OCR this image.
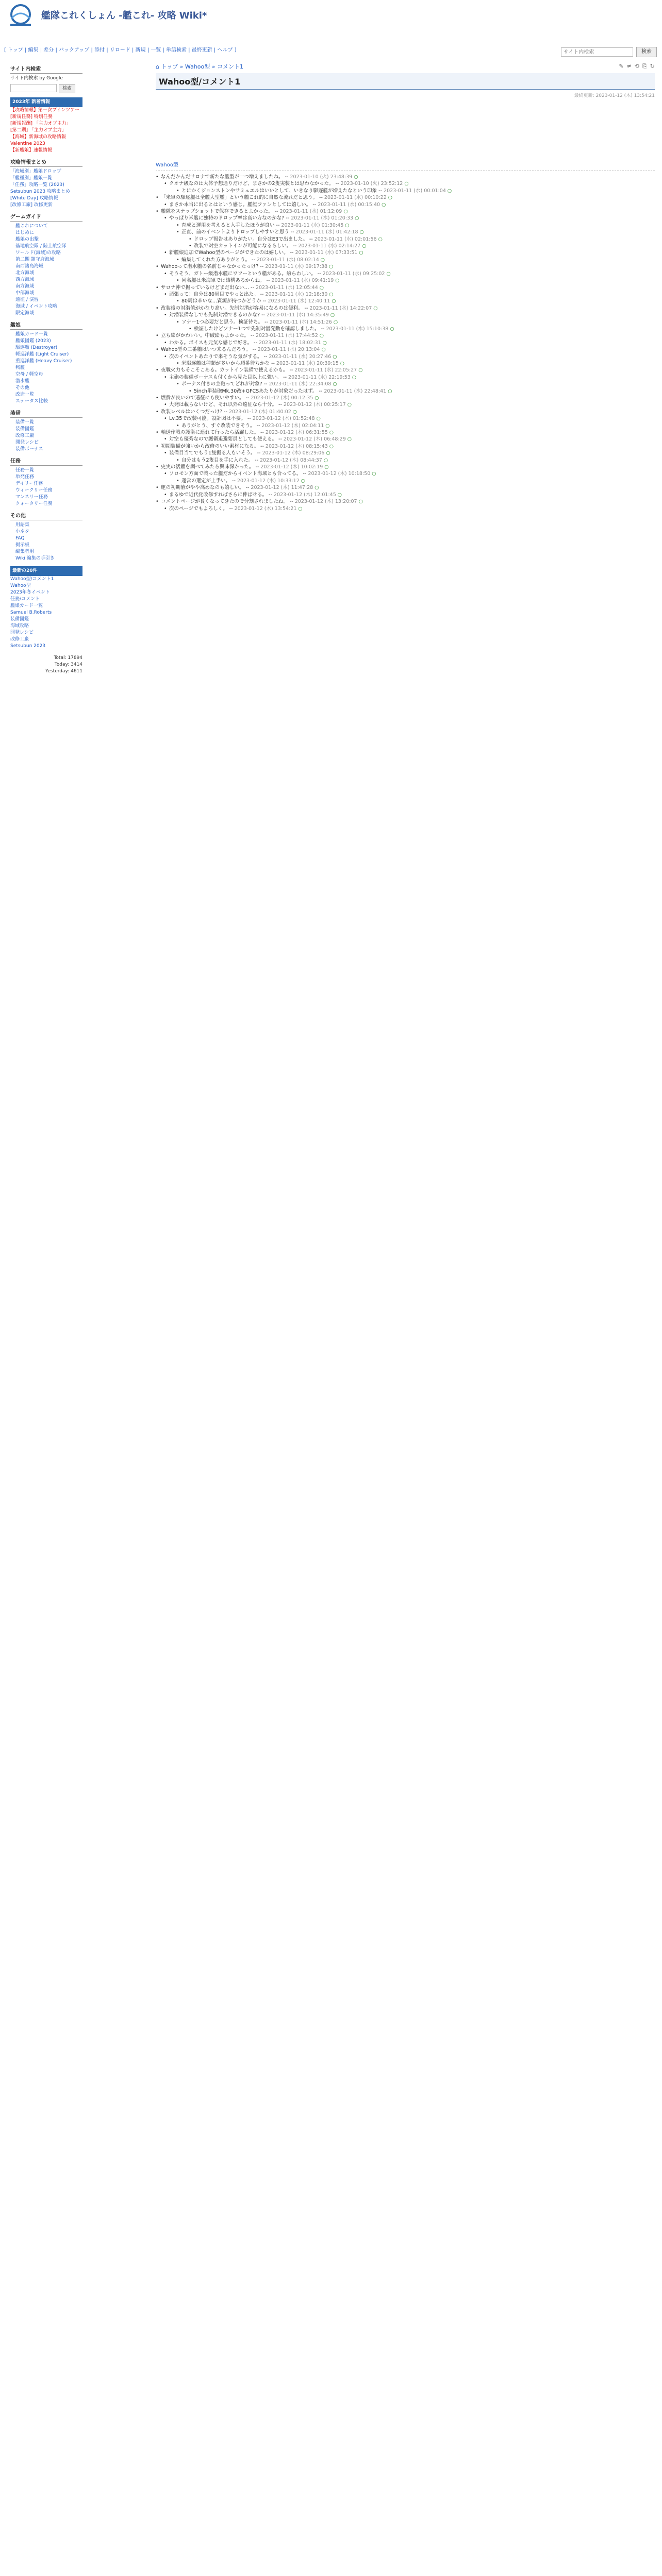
艦隊これくしょん -艦これ- 攻略 Wiki*
[ トップ | 編集 | 差分 | バックアップ | 添付 | リロード | 新規 | 一覧 | 単語検索 | 最終更新 | ヘルプ ]
サイト内検索	検索
サイト内検索
サイト内検索 by Google
検索
2023年 新着情報
【攻略情報】第一次ブインツアー
[新規任務] 特別任務
[新規報酬] 「主力オブ主力」
[第二期] 「主力オブ主力」
【海域】新海域の攻略情報
Valentine 2023
【新艦娘】速報情報
攻略情報まとめ
「海域別」艦娘ドロップ
「艦種別」艦娘一覧
「任務」攻略一覧 (2023)
Setsubun 2023 攻略まとめ
[White Day] 攻略情報
[改修工廠] 改修更新
ゲームガイド
艦これについて
はじめに
艦娘の出撃
基地航空隊 / 陸上航空隊
ワールド(海域)の攻略
第二期 鎮守府海域
南西諸島海域
北方海域
西方海域
南方海域
中部海域
遠征 / 演習
海域 / イベント攻略
限定海域
艦娘
艦娘カード一覧
艦娘図鑑 (2023)
駆逐艦 (Destroyer)
軽巡洋艦 (Light Cruiser)
重巡洋艦 (Heavy Cruiser)
戦艦
空母 / 軽空母
潜水艦
その他
改造一覧
ステータス比較
装備
装備一覧
装備図鑑
改修工廠
開発レシピ
装備ボーナス
任務
任務一覧
単発任務
デイリー任務
ウィークリー任務
マンスリー任務
クォータリー任務
その他
用語集
小ネタ
FAQ
掲示板
編集者用
Wiki 編集の手引き
最新の20件
Wahoo型/コメント1
Wahoo型
2023年冬イベント
任務/コメント
艦娘カード一覧
Samuel B.Roberts
装備図鑑
海域攻略
開発レシピ
改修工廠
Setsubun 2023
Total: 17894
Today: 3414
Yesterday: 4611
⌂ トップ » Wahoo型 » コメント1	✎ ≠ ⟲ ⎘ ↻
Wahoo型/コメント1
最終更新: 2023-01-12 (木) 13:54:21
Wahoo型
• なんだかんだサロナで新たな艦型が一つ増えましたね。 -- 2023-01-10 (火) 23:48:39 ○
• クオナ級なのは大体予想通りだけど、まさかの2隻実装とは思わなかった。 -- 2023-01-10 (火) 23:52:12 ○
• とにかくジョンストンやサミュエルはいいとして、いきなり駆逐艦が増えたなという印象 -- 2023-01-11 (水) 00:01:04 ○
• 「米軍の駆逐艦は全艦大型艦」という艦これ的に自然な流れだと思う。 -- 2023-01-11 (水) 00:10:22 ○
• まさか本当に出るとはという感じ。艦艇ファンとしては嬉しい。 -- 2023-01-11 (水) 00:15:40 ○
• 艦隊をスナップショットで保存できるとよかった。 -- 2023-01-11 (水) 01:12:09 ○
• やっぱり米艦に独特のドロップ率は高い方なのかな? -- 2023-01-11 (水) 01:20:33 ○
• 育成と運用を考えると入手したほうが良い -- 2023-01-11 (水) 01:30:45 ○
• 正直、前のイベントよりドロップしやすいと思う -- 2023-01-11 (水) 01:42:18 ○
• ドロップ報告はありがたい。自分はE3で出ました。 -- 2023-01-11 (水) 02:01:56 ○
• 改装で対空カットインが可能になるらしい。 -- 2023-01-11 (水) 02:14:27 ○
• 新艦娘追加でWahoo型のページができたのは嬉しい。 -- 2023-01-11 (水) 07:33:51 ○
• 編集してくれた方ありがとう。 -- 2023-01-11 (水) 08:02:14 ○
• Wahooって潜水艦の名前じゃなかったっけ? -- 2023-01-11 (水) 09:17:38 ○
• そうそう、ガトー級潜水艦にワフーという艦がある。紛らわしい。 -- 2023-01-11 (水) 09:25:02 ○
• 同名艦は米海軍では結構あるからね。 -- 2023-01-11 (水) 09:41:19 ○
• サロナ沖で掘っているけどまだ出ない… -- 2023-01-11 (水) 12:05:44 ○
• 頑張って！自分は80周目でやっと出た。 -- 2023-01-11 (水) 12:18:30 ○
• 80周は辛いな…資源が持つかどうか -- 2023-01-11 (水) 12:40:11 ○
• 改装後の対潜値がかなり高い。先制対潜が容易になるのは便利。 -- 2023-01-11 (水) 14:22:07 ○
• 対潜装備なしでも先制対潜できるのかな? -- 2023-01-11 (水) 14:35:49 ○
• ソナー1つ必要だと思う。検証待ち。 -- 2023-01-11 (水) 14:51:26 ○
• 検証したけどソナー1つで先制対潜発動を確認しました。 -- 2023-01-11 (水) 15:10:38 ○
• 立ち絵がかわいい。中破絵もよかった。 -- 2023-01-11 (水) 17:44:52 ○
• わかる。ボイスも元気な感じで好き。 -- 2023-01-11 (水) 18:02:31 ○
• Wahoo型の二番艦はいつ来るんだろう。 -- 2023-01-11 (水) 20:13:04 ○
• 次のイベントあたりで来そうな気がする。 -- 2023-01-11 (水) 20:27:46 ○
• 米駆逐艦は種類が多いから順番待ちかな -- 2023-01-11 (水) 20:39:15 ○
• 夜戦火力もそこそこある。カットイン装備で使えるかも。 -- 2023-01-11 (水) 22:05:27 ○
• 主砲の装備ボーナスも付くから見た目以上に強い。 -- 2023-01-11 (水) 22:19:53 ○
• ボーナス付きの主砲ってどれが対象? -- 2023-01-11 (水) 22:34:08 ○
• 5inch単装砲Mk.30改+GFCSあたりが対象だったはず。 -- 2023-01-11 (水) 22:48:41 ○
• 燃費が良いので遠征にも使いやすい。 -- 2023-01-12 (木) 00:12:35 ○
• 大発は載らないけど、それ以外の遠征なら十分。 -- 2023-01-12 (木) 00:25:17 ○
• 改装レベルはいくつだっけ? -- 2023-01-12 (木) 01:40:02 ○
• Lv.35で改装可能。設計図は不要。 -- 2023-01-12 (木) 01:52:48 ○
• ありがとう、すぐ改装できそう。 -- 2023-01-12 (木) 02:04:11 ○
• 輸送作戦の護衛に連れて行ったら活躍した。 -- 2023-01-12 (木) 06:31:55 ○
• 対空も優秀なので護衛退避要員としても使える。 -- 2023-01-12 (木) 06:48:29 ○
• 初期装備が強いから改修のいい素材になる。 -- 2023-01-12 (木) 08:15:43 ○
• 装備目当てでもう1隻掘る人もいそう。 -- 2023-01-12 (木) 08:29:06 ○
• 自分はもう2隻目を手に入れた。 -- 2023-01-12 (木) 08:44:37 ○
• 史実の活躍を調べてみたら興味深かった。 -- 2023-01-12 (木) 10:02:19 ○
• ソロモン方面で戦った艦だからイベント海域とも合ってる。 -- 2023-01-12 (木) 10:18:50 ○
• 運営の選定が上手い。 -- 2023-01-12 (木) 10:33:12 ○
• 運の初期値がやや高めなのも嬉しい。 -- 2023-01-12 (木) 11:47:28 ○
• まるゆで近代化改修すればさらに伸ばせる。 -- 2023-01-12 (木) 12:01:45 ○
• コメントページが長くなってきたので分割されましたね。 -- 2023-01-12 (木) 13:20:07 ○
• 次のページでもよろしく。 -- 2023-01-12 (木) 13:54:21 ○
